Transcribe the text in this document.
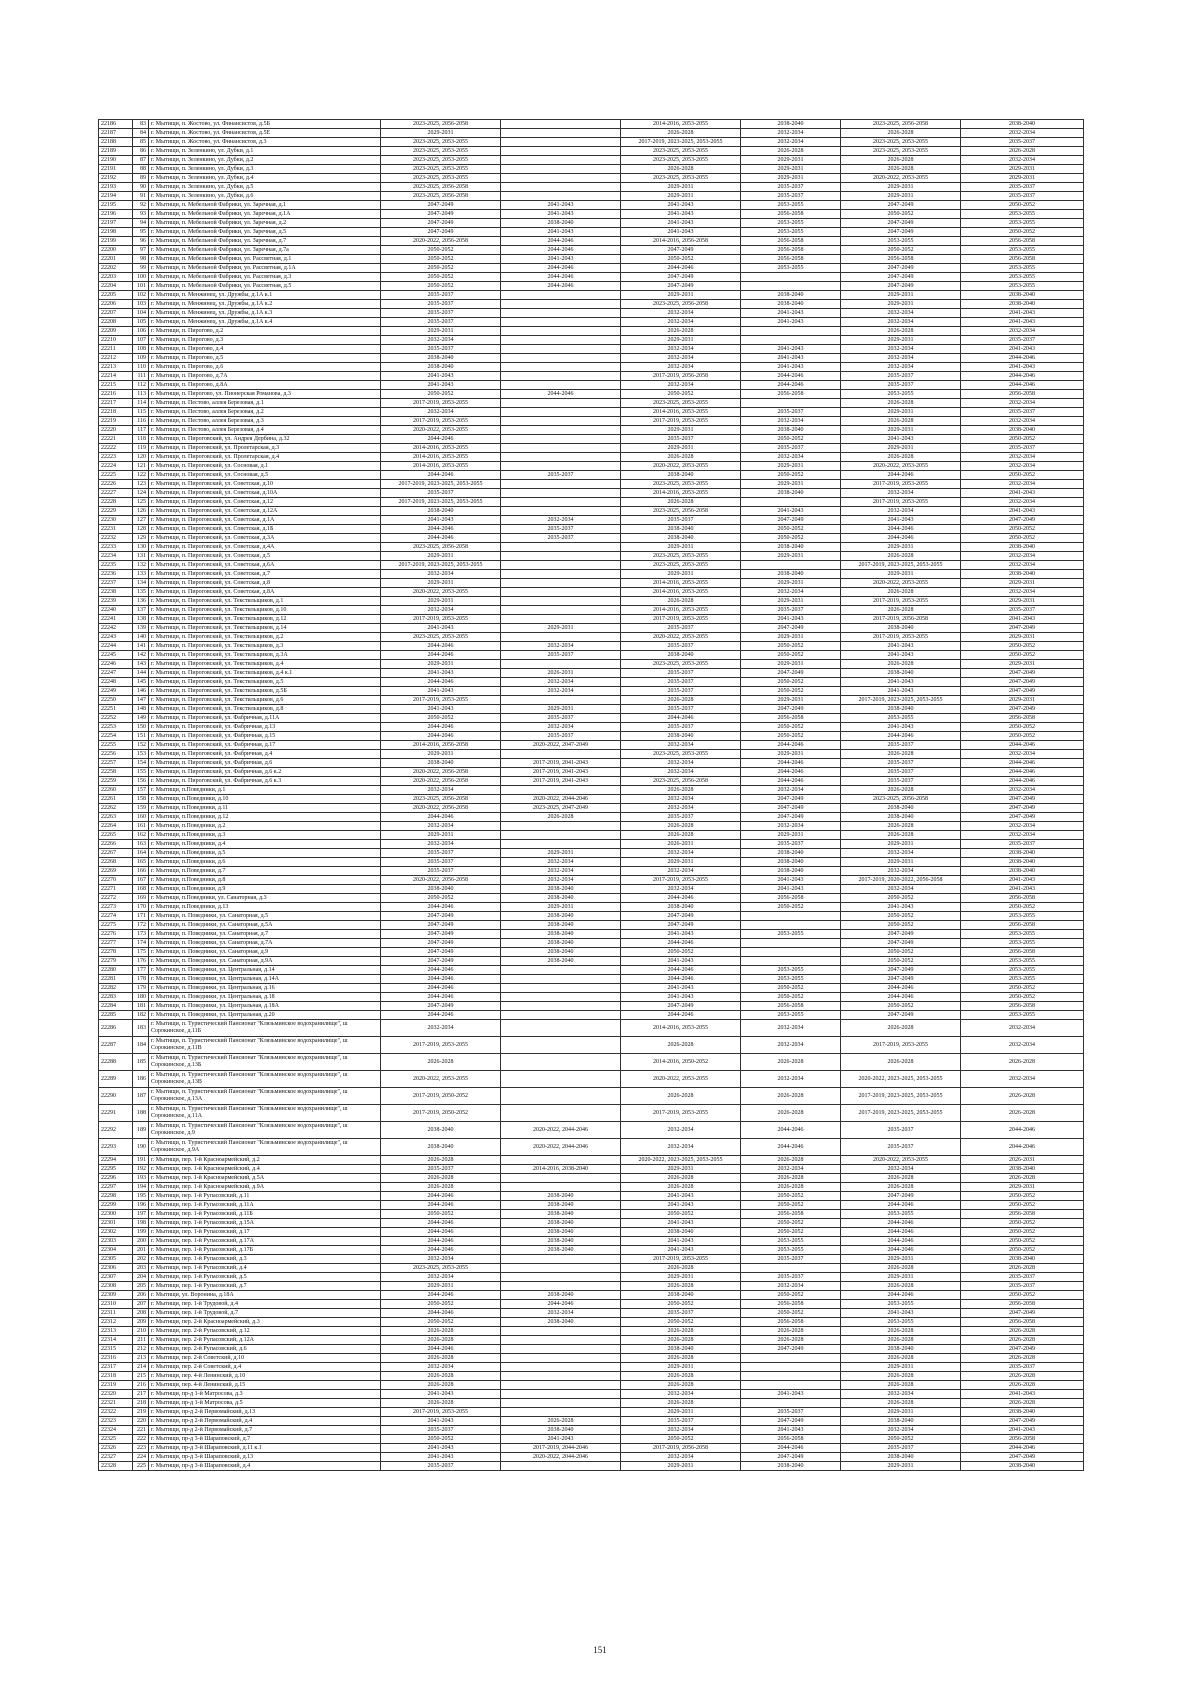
22186	83	г. Мытищи, п. Жостово, ул. Финансистов, д.5Б	2023-2025, 2056-2058		2014-2016, 2053-2055	2038-2040	2023-2025, 2056-2058	2038-2040
22187	84	г. Мытищи, п. Жостово, ул. Финансистов, д.5Е	2029-2031		2026-2028	2032-2034	2026-2028	2032-2034
22188	85	г. Мытищи, п. Жостово, ул. Финансистов, д.3	2023-2025, 2053-2055		2017-2019, 2023-2025, 2053-2055	2032-2034	2023-2025, 2053-2055	2035-2037
22189	86	г. Мытищи, п. Зеленкино, ул. Дубки, д.1	2023-2025, 2053-2055		2023-2025, 2053-2055	2026-2028	2023-2025, 2053-2055	2026-2028
22190	87	г. Мытищи, п. Зеленкино, ул. Дубки, д.2	2023-2025, 2053-2055		2023-2025, 2053-2055	2029-2031	2026-2028	2032-2034
22191	88	г. Мытищи, п. Зеленкино, ул. Дубки, д.3	2023-2025, 2053-2055		2026-2028	2029-2031	2026-2028	2029-2031
22192	89	г. Мытищи, п. Зеленкино, ул. Дубки, д.4	2023-2025, 2053-2055		2023-2025, 2053-2055	2029-2031	2020-2022, 2053-2055	2029-2031
22193	90	г. Мытищи, п. Зеленкино, ул. Дубки, д.5	2023-2025, 2056-2058		2029-2031	2035-2037	2029-2031	2035-2037
22194	91	г. Мытищи, п. Зеленкино, ул. Дубки, д.6	2023-2025, 2056-2058		2029-2031	2035-2037	2029-2031	2035-2037
22195	92	г. Мытищи, п. Мебельной Фабрики, ул. Заречная, д.1	2047-2049	2041-2043	2041-2043	2053-2055	2047-2049	2050-2052
22196	93	г. Мытищи, п. Мебельной Фабрики, ул. Заречная, д.1А	2047-2049	2041-2043	2041-2043	2056-2058	2050-2052	2053-2055
22197	94	г. Мытищи, п. Мебельной Фабрики, ул. Заречная, д.2	2047-2049	2038-2040	2041-2043	2053-2055	2047-2049	2053-2055
22198	95	г. Мытищи, п. Мебельной Фабрики, ул. Заречная, д.5	2047-2049	2041-2043	2041-2043	2053-2055	2047-2049	2050-2052
22199	96	г. Мытищи, п. Мебельной Фабрики, ул. Заречная, д.7	2020-2022, 2056-2058	2044-2046	2014-2016, 2056-2058	2056-2058	2053-2055	2056-2058
22200	97	г. Мытищи, п. Мебельной Фабрики, ул. Заречная, д.7а	2050-2052	2044-2046	2047-2049	2056-2058	2050-2052	2053-2055
22201	98	г. Мытищи, п. Мебельной Фабрики, ул. Рассветная, д.1	2050-2052	2041-2043	2050-2052	2056-2058	2056-2058	2056-2058
22202	99	г. Мытищи, п. Мебельной Фабрики, ул. Рассветная, д.1А	2050-2052	2044-2046	2044-2046	2053-2055	2047-2049	2053-2055
22203	100	г. Мытищи, п. Мебельной Фабрики, ул. Рассветная, д.3	2050-2052	2044-2046	2047-2049		2047-2049	2053-2055
22204	101	г. Мытищи, п. Мебельной Фабрики, ул. Рассветная, д.5	2050-2052	2044-2046	2047-2049		2047-2049	2053-2055
22205	102	г. Мытищи, п. Менжинец, ул. Дружбы, д.1А к.1	2035-2037		2029-2031	2038-2040	2029-2031	2038-2040
22206	103	г. Мытищи, п. Менжинец, ул. Дружбы, д.1А к.2	2035-2037		2023-2025, 2056-2058	2038-2040	2029-2031	2038-2040
22207	104	г. Мытищи, п. Менжинец, ул. Дружбы, д.1А к.3	2035-2037		2032-2034	2041-2043	2032-2034	2041-2043
22208	105	г. Мытищи, п. Менжинец, ул. Дружбы, д.1А к.4	2035-2037		2032-2034	2041-2043	2032-2034	2041-2043
22209	106	г. Мытищи, п. Пирогово, д.2	2029-2031		2026-2028		2026-2028	2032-2034
22210	107	г. Мытищи, п. Пирогово, д.3	2032-2034		2029-2031		2029-2031	2035-2037
22211	108	г. Мытищи, п. Пирогово, д.4	2035-2037		2032-2034	2041-2043	2032-2034	2041-2043
22212	109	г. Мытищи, п. Пирогово, д.5	2038-2040		2032-2034	2041-2043	2032-2034	2044-2046
22213	110	г. Мытищи, п. Пирогово, д.6	2038-2040		2032-2034	2041-2043	2032-2034	2041-2043
22214	111	г. Мытищи, п. Пирогово, д.7А	2041-2043		2017-2019, 2056-2058	2044-2046	2035-2037	2044-2046
22215	112	г. Мытищи, п. Пирогово, д.8А	2041-2043		2032-2034	2044-2046	2035-2037	2044-2046
22216	113	г. Мытищи, п. Пирогово, ул. Пионерская Романова, д.3	2050-2052	2044-2046	2050-2052	2056-2058	2053-2055	2056-2058
22217	114	г. Мытищи, п. Пестово, аллея Березовая, д.1	2017-2019, 2053-2055		2023-2025, 2053-2055		2026-2028	2032-2034
22218	115	г. Мытищи, п. Пестово, аллея Березовая, д.2	2032-2034		2014-2016, 2053-2055	2035-2037	2029-2031	2035-2037
22219	116	г. Мытищи, п. Пестово, аллея Березовая, д.3	2017-2019, 2053-2055		2017-2019, 2053-2055	2032-2034	2026-2028	2032-2034
22220	117	г. Мытищи, п. Пестово, аллея Березовая, д.4	2020-2022, 2053-2055		2029-2031	2038-2040	2029-2031	2038-2040
22221	118	г. Мытищи, п. Пироговский, ул. Андрея Дербина, д.32	2044-2046		2035-2037	2050-2052	2041-2043	2050-2052
22222	119	г. Мытищи, п. Пироговский, ул. Пролетарская, д.3	2014-2016, 2053-2055		2029-2031	2035-2037	2029-2031	2035-2037
22223	120	г. Мытищи, п. Пироговский, ул. Пролетарская, д.4	2014-2016, 2053-2055		2026-2028	2032-2034	2026-2028	2032-2034
22224	121	г. Мытищи, п. Пироговский, ул. Сосновая, д.1	2014-2016, 2053-2055		2020-2022, 2053-2055	2029-2031	2020-2022, 2053-2055	2032-2034
22225	122	г. Мытищи, п. Пироговский, ул. Сосновая, д.5	2044-2046	2035-2037	2038-2040	2050-2052	2044-2046	2050-2052
22226	123	г. Мытищи, п. Пироговский, ул. Советская, д.10	2017-2019, 2023-2025, 2053-2055		2023-2025, 2053-2055	2029-2031	2017-2019, 2053-2055	2032-2034
22227	124	г. Мытищи, п. Пироговский, ул. Советская, д.10А	2035-2037		2014-2016, 2053-2055	2038-2040	2032-2034	2041-2043
22228	125	г. Мытищи, п. Пироговский, ул. Советская, д.12	2017-2019, 2023-2025, 2053-2055		2026-2028		2017-2019, 2053-2055	2032-2034
22229	126	г. Мытищи, п. Пироговский, ул. Советская, д.12А	2038-2040		2023-2025, 2056-2058	2041-2043	2032-2034	2041-2043
22230	127	г. Мытищи, п. Пироговский, ул. Советская, д.1А	2041-2043	2032-2034	2035-2037	2047-2049	2041-2043	2047-2049
22231	128	г. Мытищи, п. Пироговский, ул. Советская, д.1Б	2044-2046	2035-2037	2038-2040	2050-2052	2044-2046	2050-2052
22232	129	г. Мытищи, п. Пироговский, ул. Советская, д.3А	2044-2046	2035-2037	2038-2040	2050-2052	2044-2046	2050-2052
22233	130	г. Мытищи, п. Пироговский, ул. Советская, д.4А	2023-2025, 2056-2058		2029-2031	2038-2040	2029-2031	2038-2040
22234	131	г. Мытищи, п. Пироговский, ул. Советская, д.5	2029-2031		2023-2025, 2053-2055	2029-2031	2026-2028	2032-2034
22235	132	г. Мытищи, п. Пироговский, ул. Советская, д.6А	2017-2019, 2023-2025, 2053-2055		2023-2025, 2053-2055		2017-2019, 2023-2025, 2053-2055	2032-2034
22236	133	г. Мытищи, п. Пироговский, ул. Советская, д.7	2032-2034		2029-2031	2038-2040	2029-2031	2038-2040
22237	134	г. Мытищи, п. Пироговский, ул. Советская, д.8	2029-2031		2014-2016, 2053-2055	2029-2031	2020-2022, 2053-2055	2029-2031
22238	135	г. Мытищи, п. Пироговский, ул. Советская, д.8А	2020-2022, 2053-2055		2014-2016, 2053-2055	2032-2034	2026-2028	2032-2034
22239	136	г. Мытищи, п. Пироговский, ул. Текстильщиков, д.1	2029-2031		2026-2028	2029-2031	2017-2019, 2053-2055	2029-2031
22240	137	г. Мытищи, п. Пироговский, ул. Текстильщиков, д.10	2032-2034		2014-2016, 2053-2055	2035-2037	2026-2028	2035-2037
22241	138	г. Мытищи, п. Пироговский, ул. Текстильщиков, д.12	2017-2019, 2053-2055		2017-2019, 2053-2055	2041-2043	2017-2019, 2056-2058	2041-2043
22242	139	г. Мытищи, п. Пироговский, ул. Текстильщиков, д.14	2041-2043	2029-2031	2035-2037	2047-2049	2038-2040	2047-2049
22243	140	г. Мытищи, п. Пироговский, ул. Текстильщиков, д.2	2023-2025, 2053-2055		2020-2022, 2053-2055	2029-2031	2017-2019, 2053-2055	2029-2031
22244	141	г. Мытищи, п. Пироговский, ул. Текстильщиков, д.3	2044-2046	2032-2034	2035-2037	2050-2052	2041-2043	2050-2052
22245	142	г. Мытищи, п. Пироговский, ул. Текстильщиков, д.3А	2044-2046	2035-2037	2038-2040	2050-2052	2041-2043	2050-2052
22246	143	г. Мытищи, п. Пироговский, ул. Текстильщиков, д.4	2029-2031		2023-2025, 2053-2055	2029-2031	2026-2028	2029-2031
22247	144	г. Мытищи, п. Пироговский, ул. Текстильщиков, д.4 к.1	2041-2043	2026-2031	2035-2037	2047-2049	2038-2040	2047-2049
22248	145	г. Мытищи, п. Пироговский, ул. Текстильщиков, д.5	2044-2046	2032-2034	2035-2037	2050-2052	2041-2043	2047-2049
22249	146	г. Мытищи, п. Пироговский, ул. Текстильщиков, д.5Б	2041-2043	2032-2034	2035-2037	2050-2052	2041-2043	2047-2049
22250	147	г. Мытищи, п. Пироговский, ул. Текстильщиков, д.6	2017-2019, 2053-2055		2026-2028	2029-2031	2017-2019, 2023-2025, 2053-2055	2029-2031
22251	148	г. Мытищи, п. Пироговский, ул. Текстильщиков, д.8	2041-2043	2029-2031	2035-2037	2047-2049	2038-2040	2047-2049
22252	149	г. Мытищи, п. Пироговский, ул. Фабричная, д.11А	2050-2052	2035-2037	2044-2046	2056-2058	2053-2055	2056-2058
22253	150	г. Мытищи, п. Пироговский, ул. Фабричная, д.13	2044-2046	2032-2034	2035-2037	2050-2052	2041-2043	2050-2052
22254	151	г. Мытищи, п. Пироговский, ул. Фабричная, д.15	2044-2046	2035-2037	2038-2040	2050-2052	2044-2046	2050-2052
22255	152	г. Мытищи, п. Пироговский, ул. Фабричная, д.17	2014-2016, 2056-2058	2020-2022, 2047-2049	2032-2034	2044-2046	2035-2037	2044-2046
22256	153	г. Мытищи, п. Пироговский, ул. Фабричная, д.4	2029-2031		2023-2025, 2053-2055	2029-2031	2026-2028	2032-2034
22257	154	г. Мытищи, п. Пироговский, ул. Фабричная, д.6	2038-2040	2017-2019, 2041-2043	2032-2034	2044-2046	2035-2037	2044-2046
22258	155	г. Мытищи, п. Пироговский, ул. Фабричная, д.6 к.2	2020-2022, 2056-2058	2017-2019, 2041-2043	2032-2034	2044-2046	2035-2037	2044-2046
22259	156	г. Мытищи, п. Пироговский, ул. Фабричная, д.6 к.3	2020-2022, 2056-2058	2017-2019, 2041-2043	2023-2025, 2056-2058	2044-2046	2035-2037	2044-2046
22260	157	г. Мытищи, п.Поведники, д.1	2032-2034		2026-2028	2032-2034	2026-2028	2032-2034
22261	158	г. Мытищи, п.Поведники, д.10	2023-2025, 2056-2058	2020-2022, 2044-2046	2032-2034	2047-2049	2023-2025, 2056-2058	2047-2049
22262	159	г. Мытищи, п.Поведники, д.11	2020-2022, 2056-2058	2023-2025, 2047-2049	2032-2034	2047-2049	2038-2040	2047-2049
22263	160	г. Мытищи, п.Поведники, д.12	2044-2046	2026-2028	2035-2037	2047-2049	2038-2040	2047-2049
22264	161	г. Мытищи, п.Поведники, д.2	2032-2034		2026-2028	2032-2034	2026-2028	2032-2034
22265	162	г. Мытищи, п.Поведники, д.3	2029-2031		2026-2028	2029-2031	2026-2028	2032-2034
22266	163	г. Мытищи, п.Поведники, д.4	2032-2034		2026-2031	2035-2037	2029-2031	2035-2037
22267	164	г. Мытищи, п.Поведники, д.5	2035-2037	2029-2031	2032-2034	2038-2040	2032-2034	2038-2040
22268	165	г. Мытищи, п.Поведники, д.6	2035-2037	2032-2034	2029-2031	2038-2040	2029-2031	2038-2040
22269	166	г. Мытищи, п.Поведники, д.7	2035-2037	2032-2034	2032-2034	2038-2040	2032-2034	2038-2040
22270	167	г. Мытищи, п.Поведники, д.8	2020-2022, 2056-2058	2032-2034	2017-2019, 2053-2055	2041-2043	2017-2019, 2020-2022, 2056-2058	2041-2043
22271	168	г. Мытищи, п.Поведники, д.9	2038-2040	2038-2040	2032-2034	2041-2043	2032-2034	2041-2043
22272	169	г. Мытищи, п.Поведники, ул. Санаторная, д.3	2050-2052	2038-2040	2044-2046	2056-2058	2050-2052	2056-2058
22273	170	г. Мытищи, п.Поведники, д.13	2044-2046	2029-2031	2038-2040	2050-2052	2041-2043	2050-2052
22274	171	г. Мытищи, п. Поведники, ул. Санаторная, д.5	2047-2049	2038-2040	2047-2049		2050-2052	2053-2055
22275	172	г. Мытищи, п. Поведники, ул. Санаторная, д.5А	2047-2049	2038-2040	2047-2049		2050-2052	2056-2058
22276	173	г. Мытищи, п. Поведники, ул. Санаторная, д.7	2047-2049	2038-2040	2041-2043	2053-2055	2047-2049	2053-2055
22277	174	г. Мытищи, п. Поведники, ул. Санаторная, д.7А	2047-2049	2038-2040	2044-2046		2047-2049	2053-2055
22278	175	г. Мытищи, п. Поведники, ул. Санаторная, д.9	2047-2049	2038-2040	2050-2052		2050-2052	2056-2058
22279	176	г. Мытищи, п. Поведники, ул. Санаторная, д.9А	2047-2049	2038-2040	2041-2043		2050-2052	2053-2055
22280	177	г. Мытищи, п. Поведники, ул. Центральная, д.14	2044-2046		2044-2046	2053-2055	2047-2049	2053-2055
22281	178	г. Мытищи, п. Поведники, ул. Центральная, д.14А	2044-2046		2044-2046	2053-2055	2047-2049	2053-2055
22282	179	г. Мытищи, п. Поведники, ул. Центральная, д.16	2044-2046		2041-2043	2050-2052	2044-2046	2050-2052
22283	180	г. Мытищи, п. Поведники, ул. Центральная, д.18	2044-2046		2041-2043	2050-2052	2044-2046	2050-2052
22284	181	г. Мытищи, п. Поведники, ул. Центральная, д.18А	2047-2049		2047-2049	2056-2058	2050-2052	2056-2058
22285	182	г. Мытищи, п. Поведники, ул. Центральная, д.20	2044-2046		2044-2046	2053-2055	2047-2049	2053-2055
22286	183	г. Мытищи, п. Туристический Пансионат "Клязьминское водохранилище", ш Сорокинское, д.11Б	2032-2034		2014-2016, 2053-2055	2032-2034	2026-2028	2032-2034
22287	184	г. Мытищи, п. Туристический Пансионат "Клязьминское водохранилище", ш Сорокинское, д.11В	2017-2019, 2053-2055		2026-2028	2032-2034	2017-2019, 2053-2055	2032-2034
22288	185	г. Мытищи, п. Туристический Пансионат "Клязьминское водохранилище", ш Сорокинское, д.13Б	2026-2028		2014-2016, 2050-2052	2026-2028	2026-2028	2026-2028
22289	186	г. Мытищи, п. Туристический Пансионат "Клязьминское водохранилище", ш Сорокинское, д.13В	2020-2022, 2053-2055		2020-2022, 2053-2055	2032-2034	2020-2022, 2023-2025, 2053-2055	2032-2034
22290	187	г. Мытищи, п. Туристический Пансионат "Клязьминское водохранилище", ш Сорокинское, д.13А	2017-2019, 2050-2052		2026-2028	2026-2028	2017-2019, 2023-2025, 2053-2055	2026-2028
22291	188	г. Мытищи, п. Туристический Пансионат "Клязьминское водохранилище", ш Сорокинское, д.11А	2017-2019, 2050-2052		2017-2019, 2053-2055	2026-2028	2017-2019, 2023-2025, 2053-2055	2026-2028
22292	189	г. Мытищи, п. Туристический Пансионат "Клязьминское водохранилище", ш Сорокинское, д.9	2038-2040	2020-2022, 2044-2046	2032-2034	2044-2046	2035-2037	2044-2046
22293	190	г. Мытищи, п. Туристический Пансионат "Клязьминское водохранилище", ш Сорокинское, д.9А	2038-2040	2020-2022, 2044-2046	2032-2034	2044-2046	2035-2037	2044-2046
22294	191	г. Мытищи, пер. 1-й Красноармейский, д.2	2026-2028		2020-2022, 2023-2025, 2053-2055	2026-2028	2020-2022, 2053-2055	2026-2031
22295	192	г. Мытищи, пер. 1-й Красноармейский, д.4	2035-2037	2014-2016, 2038-2040	2029-2031	2032-2034	2032-2034	2038-2040
22296	193	г. Мытищи, пер. 1-й Красноармейский, д.5А	2026-2028		2026-2028	2026-2028	2026-2028	2026-2028
22297	194	г. Мытищи, пер. 1-й Красноармейский, д.9А	2026-2028		2026-2028	2026-2028	2026-2028	2029-2031
22298	195	г. Мытищи, пер. 1-й Рупасовский, д.11	2044-2046	2038-2040	2041-2043	2050-2052	2047-2049	2050-2052
22299	196	г. Мытищи, пер. 1-й Рупасовский, д.11А	2044-2046	2038-2040	2041-2043	2050-2052	2044-2046	2050-2052
22300	197	г. Мытищи, пер. 1-й Рупасовский, д.11Б	2050-2052	2038-2040	2050-2052	2056-2058	2053-2055	2056-2058
22301	198	г. Мытищи, пер. 1-й Рупасовский, д.15А	2044-2046	2038-2040	2041-2043	2050-2052	2044-2046	2050-2052
22302	199	г. Мытищи, пер. 1-й Рупасовский, д.17	2044-2046	2038-2040	2038-2040	2050-2052	2044-2046	2050-2052
22303	200	г. Мытищи, пер. 1-й Рупасовский, д.17А	2044-2046	2038-2040	2041-2043	2053-2055	2044-2046	2050-2052
22304	201	г. Мытищи, пер. 1-й Рупасовский, д.17Б	2044-2046	2038-2040	2041-2043	2053-2055	2044-2046	2050-2052
22305	202	г. Мытищи, пер. 1-й Рупасовский, д.3	2032-2034		2017-2019, 2053-2055	2035-2037	2029-2031	2038-2040
22306	203	г. Мытищи, пер. 1-й Рупасовский, д.4	2023-2025, 2053-2055		2026-2028		2026-2028	2026-2028
22307	204	г. Мытищи, пер. 1-й Рупасовский, д.5	2032-2034		2029-2031	2035-2037	2029-2031	2035-2037
22308	205	г. Мытищи, пер. 1-й Рупасовский, д.7	2029-2031		2026-2028	2032-2034	2026-2028	2035-2037
22309	206	г. Мытищи, ул. Воронина, д.18А	2044-2046	2038-2040	2038-2040	2050-2052	2044-2046	2050-2052
22310	207	г. Мытищи, пер. 1-й Трудовой, д.4	2050-2052	2044-2046	2050-2052	2056-2058	2053-2055	2056-2058
22311	208	г. Мытищи, пер. 1-й Трудовой, д.7	2044-2046	2032-2034	2035-2037	2050-2052	2041-2043	2047-2049
22312	209	г. Мытищи, пер. 2-й Красноармейский, д.3	2050-2052	2038-2040	2050-2052	2056-2058	2053-2055	2056-2058
22313	210	г. Мытищи, пер. 2-й Рупасовский, д.12	2026-2028		2026-2028	2026-2028	2026-2028	2026-2028
22314	211	г. Мытищи, пер. 2-й Рупасовский, д.12А	2026-2028		2026-2028	2026-2028	2026-2028	2026-2028
22315	212	г. Мытищи, пер. 2-й Рупасовский, д.6	2044-2046		2038-2040	2047-2049	2038-2040	2047-2049
22316	213	г. Мытищи, пер. 2-й Советский, д.10	2026-2028		2026-2028		2026-2028	2026-2028
22317	214	г. Мытищи, пер. 2-й Советский, д.4	2032-2034		2029-2031		2029-2031	2035-2037
22318	215	г. Мытищи, пер. 4-й Ленинский, д.10	2026-2028		2026-2028		2026-2028	2026-2028
22319	216	г. Мытищи, пер. 4-й Ленинский, д.15	2026-2028		2026-2028		2026-2028	2026-2028
22320	217	г. Мытищи, пр-д 1-й Матросова, д.3	2041-2043		2032-2034	2041-2043	2032-2034	2041-2043
22321	218	г. Мытищи, пр-д 1-й Матросова, д.5	2026-2028		2026-2028		2026-2028	2026-2028
22322	219	г. Мытищи, пр-д 2-й Первомайский, д.13	2017-2019, 2053-2055		2029-2031	2035-2037	2029-2031	2038-2040
22323	220	г. Мытищи, пр-д 2-й Первомайский, д.4	2041-2043	2026-2028	2035-2037	2047-2049	2038-2040	2047-2049
22324	221	г. Мытищи, пр-д 2-й Первомайский, д.7	2035-2037	2038-2040	2032-2034	2041-2043	2032-2034	2041-2043
22325	222	г. Мытищи, пр-д 3-й Шараповский, д.7	2050-2052	2041-2043	2050-2052	2056-2058	2050-2052	2056-2058
22326	223	г. Мытищи, пр-д 3-й Шараповский, д.11 к.1	2041-2043	2017-2019, 2044-2046	2017-2019, 2056-2058	2044-2046	2035-2037	2044-2046
22327	224	г. Мытищи, пр-д 3-й Шараповский, д.13	2041-2043	2020-2022, 2044-2046	2032-2034	2047-2049	2038-2040	2047-2049
22328	225	г. Мытищи, пр-д 3-й Шараповский, д.4	2035-2037		2029-2031	2038-2040	2029-2031	2038-2040
151
